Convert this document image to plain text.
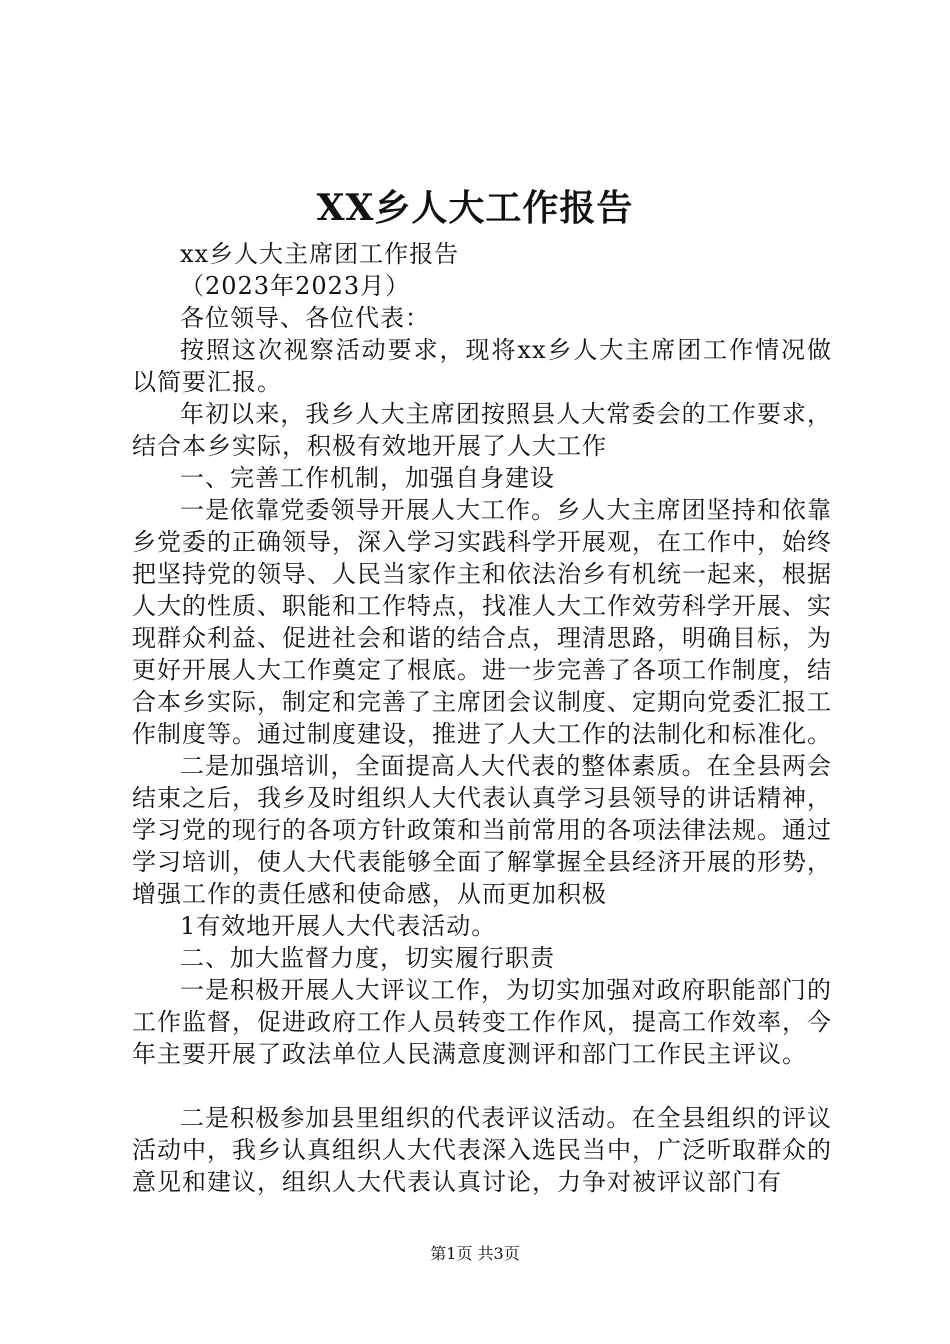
XX乡人大工作报告

xx乡人大主席团工作报告

（2023年2023月）

各位领导、各位代表：

按照这次视察活动要求，现将xx乡人大主席团工作情况做以简要汇报。

年初以来，我乡人大主席团按照县人大常委会的工作要求，结合本乡实际，积极有效地开展了人大工作

一、完善工作机制，加强自身建设

一是依靠党委领导开展人大工作。乡人大主席团坚持和依靠乡党委的正确领导，深入学习实践科学开展观，在工作中，始终把坚持党的领导、人民当家作主和依法治乡有机统一起来，根据人大的性质、职能和工作特点，找准人大工作效劳科学开展、实现群众利益、促进社会和谐的结合点，理清思路，明确目标，为更好开展人大工作奠定了根底。进一步完善了各项工作制度，结合本乡实际，制定和完善了主席团会议制度、定期向党委汇报工作制度等。通过制度建设，推进了人大工作的法制化和标准化。

二是加强培训，全面提高人大代表的整体素质。在全县两会结束之后，我乡及时组织人大代表认真学习县领导的讲话精神，学习党的现行的各项方针政策和当前常用的各项法律法规。通过学习培训，使人大代表能够全面了解掌握全县经济开展的形势，增强工作的责任感和使命感，从而更加积极

1有效地开展人大代表活动。

二、加大监督力度，切实履行职责

一是积极开展人大评议工作，为切实加强对政府职能部门的工作监督，促进政府工作人员转变工作作风，提高工作效率，今年主要开展了政法单位人民满意度测评和部门工作民主评议。

二是积极参加县里组织的代表评议活动。在全县组织的评议活动中，我乡认真组织人大代表深入选民当中，广泛听取群众的意见和建议，组织人大代表认真讨论，力争对被评议部门有

第1页 共3页
